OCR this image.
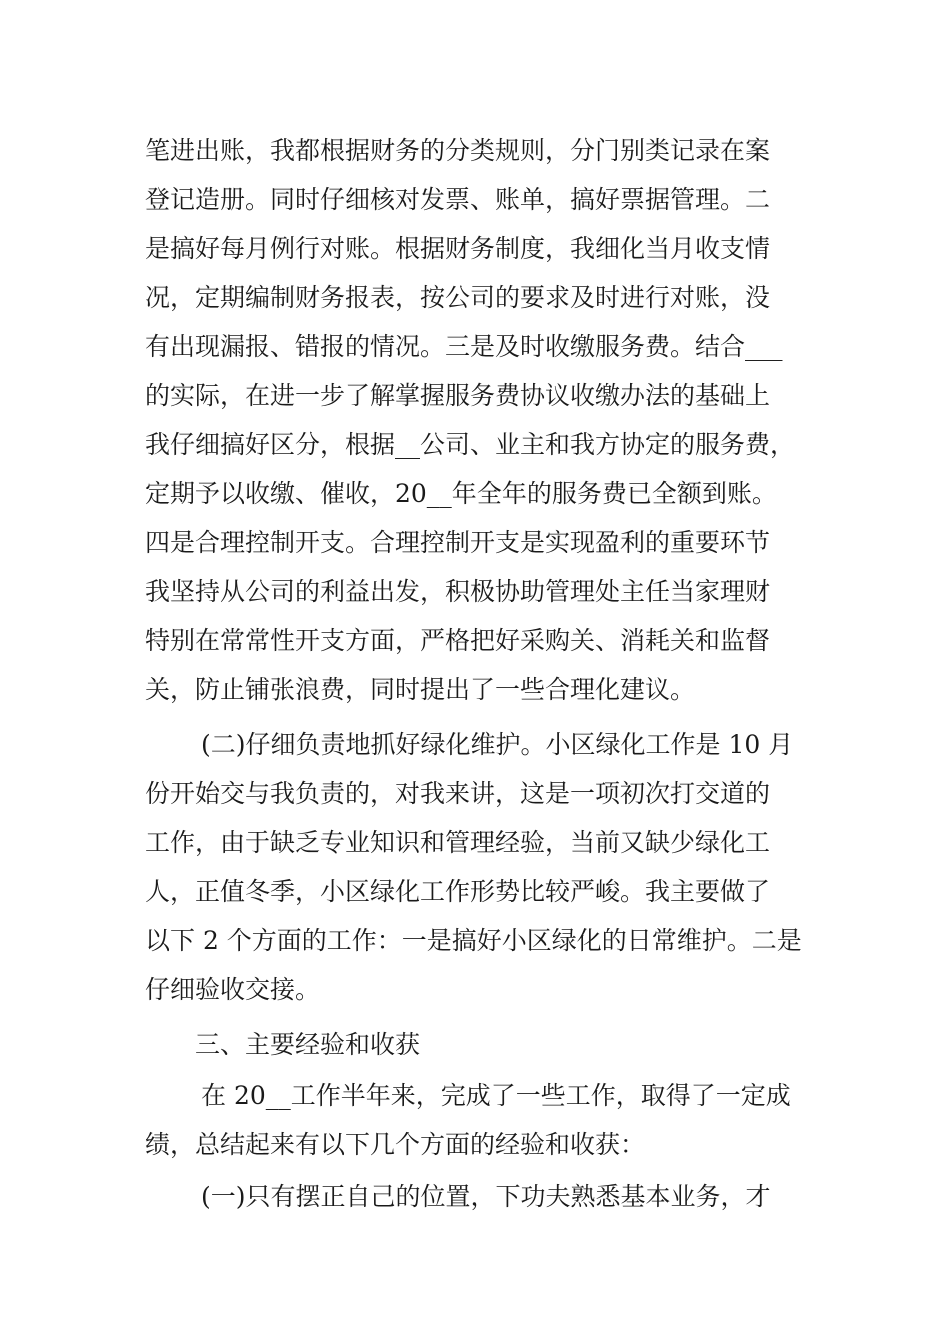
笔进出账，我都根据财务的分类规则，分门别类记录在案
登记造册。同时仔细核对发票、账单，搞好票据管理。二
是搞好每月例行对账。根据财务制度，我细化当月收支情
况，定期编制财务报表，按公司的要求及时进行对账，没
有出现漏报、错报的情况。三是及时收缴服务费。结合___
的实际，在进一步了解掌握服务费协议收缴办法的基础上
我仔细搞好区分，根据__公司、业主和我方协定的服务费，
定期予以收缴、催收，20__年全年的服务费已全额到账。
四是合理控制开支。合理控制开支是实现盈利的重要环节
我坚持从公司的利益出发，积极协助管理处主任当家理财
特别在常常性开支方面，严格把好采购关、消耗关和监督
关，防止铺张浪费，同时提出了一些合理化建议。
(二)仔细负责地抓好绿化维护。小区绿化工作是 10 月
份开始交与我负责的，对我来讲，这是一项初次打交道的
工作，由于缺乏专业知识和管理经验，当前又缺少绿化工
人，正值冬季，小区绿化工作形势比较严峻。我主要做了
以下 2 个方面的工作：一是搞好小区绿化的日常维护。二是
仔细验收交接。
三、主要经验和收获
在 20__工作半年来，完成了一些工作，取得了一定成
绩，总结起来有以下几个方面的经验和收获：
(一)只有摆正自己的位置，下功夫熟悉基本业务，才
